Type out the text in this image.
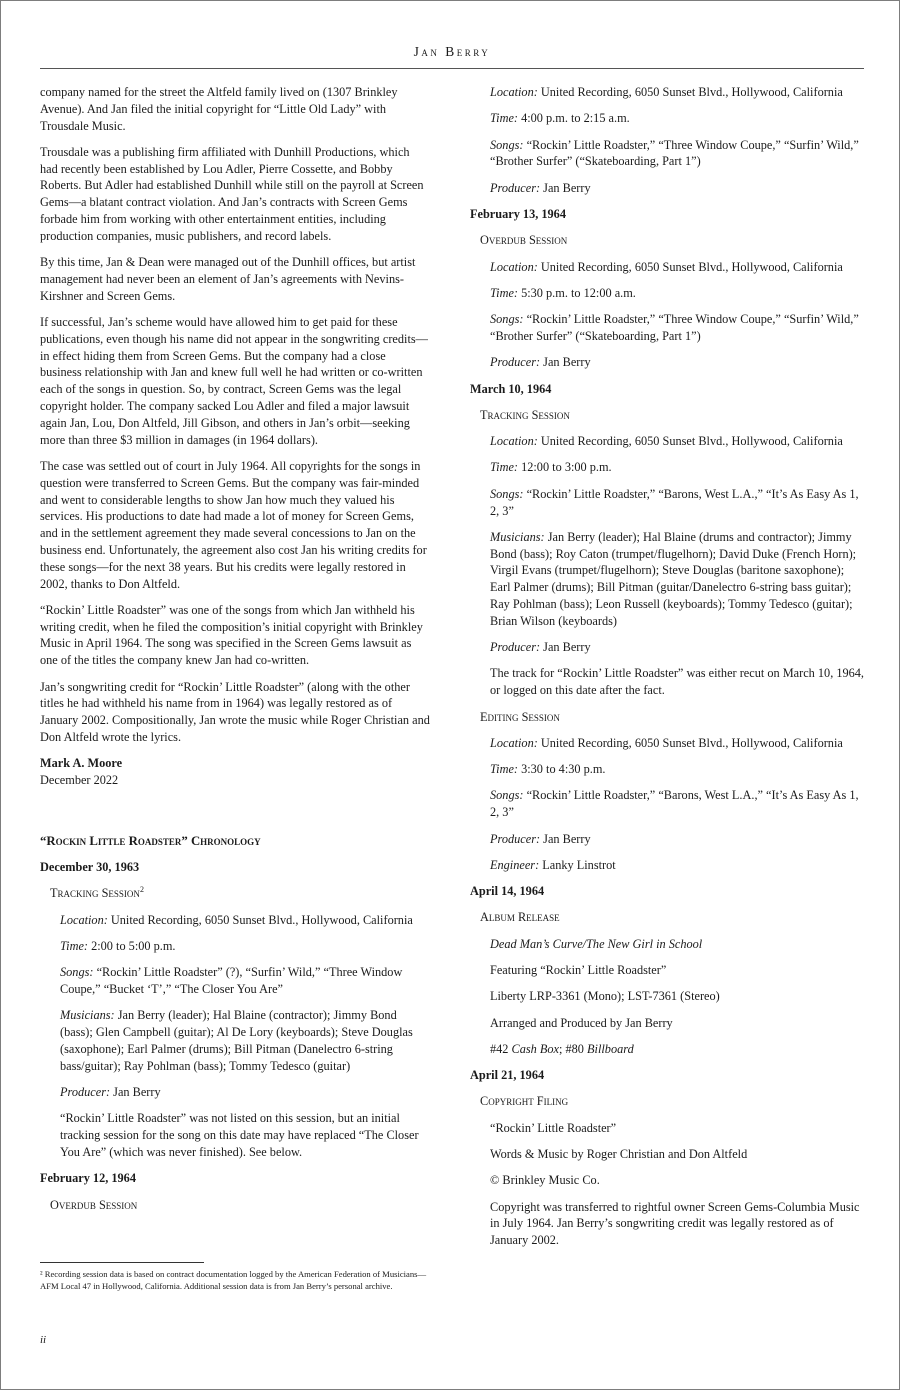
Jan Berry

company named for the street the Altfeld family lived on (1307 Brinkley Avenue). And Jan filed the initial copyright for “Little Old Lady” with Trousdale Music.

Trousdale was a publishing firm affiliated with Dunhill Productions, which had recently been established by Lou Adler, Pierre Cossette, and Bobby Roberts. But Adler had established Dunhill while still on the payroll at Screen Gems—a blatant contract violation. And Jan’s contracts with Screen Gems forbade him from working with other entertainment entities, including production companies, music publishers, and record labels.

By this time, Jan & Dean were managed out of the Dunhill offices, but artist management had never been an element of Jan’s agreements with Nevins-Kirshner and Screen Gems.

If successful, Jan’s scheme would have allowed him to get paid for these publications, even though his name did not appear in the songwriting credits—in effect hiding them from Screen Gems. But the company had a close business relationship with Jan and knew full well he had written or co-written each of the songs in question. So, by contract, Screen Gems was the legal copyright holder. The company sacked Lou Adler and filed a major lawsuit again Jan, Lou, Don Altfeld, Jill Gibson, and others in Jan’s orbit—seeking more than three $3 million in damages (in 1964 dollars).

The case was settled out of court in July 1964. All copyrights for the songs in question were transferred to Screen Gems. But the company was fair-minded and went to considerable lengths to show Jan how much they valued his services. His productions to date had made a lot of money for Screen Gems, and in the settlement agreement they made several concessions to Jan on the business end. Unfortunately, the agreement also cost Jan his writing credits for these songs—for the next 38 years. But his credits were legally restored in 2002, thanks to Don Altfeld.

“Rockin’ Little Roadster” was one of the songs from which Jan withheld his writing credit, when he filed the composition’s initial copyright with Brinkley Music in April 1964. The song was specified in the Screen Gems lawsuit as one of the titles the company knew Jan had co-written.

Jan’s songwriting credit for “Rockin’ Little Roadster” (along with the other titles he had withheld his name from in 1964) was legally restored as of January 2002. Compositionally, Jan wrote the music while Roger Christian and Don Altfeld wrote the lyrics.

Mark A. Moore

December 2022

“Rockin Little Roadster” Chronology

December 30, 1963

Tracking Session$^2$

Location: United Recording, 6050 Sunset Blvd., Hollywood, California

Time: 2:00 to 5:00 p.m.

Songs: “Rockin’ Little Roadster” (?), “Surfin’ Wild,” “Three Window Coupe,” “Bucket ‘T’,” “The Closer You Are”

Musicians: Jan Berry (leader); Hal Blaine (contractor); Jimmy Bond (bass); Glen Campbell (guitar); Al De Lory (keyboards); Steve Douglas (saxophone); Earl Palmer (drums); Bill Pitman (Danelectro 6-string bass/guitar); Ray Pohlman (bass); Tommy Tedesco (guitar)

Producer: Jan Berry

“Rockin’ Little Roadster” was not listed on this session, but an initial tracking session for the song on this date may have replaced “The Closer You Are” (which was never finished). See below.

February 12, 1964

Overdub Session

² Recording session data is based on contract documentation logged by the American Federation of Musicians—AFM Local 47 in Hollywood, California. Additional session data is from Jan Berry’s personal archive.
ii

Location: United Recording, 6050 Sunset Blvd., Hollywood, California

Time: 4:00 p.m. to 2:15 a.m.

Songs: “Rockin’ Little Roadster,” “Three Window Coupe,” “Surfin’ Wild,” “Brother Surfer” (“Skateboarding, Part 1”)

Producer: Jan Berry

February 13, 1964

Overdub Session

Location: United Recording, 6050 Sunset Blvd., Hollywood, California

Time: 5:30 p.m. to 12:00 a.m.

Songs: “Rockin’ Little Roadster,” “Three Window Coupe,” “Surfin’ Wild,” “Brother Surfer” (“Skateboarding, Part 1”)

Producer: Jan Berry

March 10, 1964

Tracking Session

Location: United Recording, 6050 Sunset Blvd., Hollywood, California

Time: 12:00 to 3:00 p.m.

Songs: “Rockin’ Little Roadster,” “Barons, West L.A.,” “It’s As Easy As 1, 2, 3”

Musicians: Jan Berry (leader); Hal Blaine (drums and contractor); Jimmy Bond (bass); Roy Caton (trumpet/flugelhorn); David Duke (French Horn); Virgil Evans (trumpet/flugelhorn); Steve Douglas (baritone saxophone); Earl Palmer (drums); Bill Pitman (guitar/Danelectro 6-string bass guitar); Ray Pohlman (bass); Leon Russell (keyboards); Tommy Tedesco (guitar); Brian Wilson (keyboards)

Producer: Jan Berry

The track for “Rockin’ Little Roadster” was either recut on March 10, 1964, or logged on this date after the fact.

Editing Session

Location: United Recording, 6050 Sunset Blvd., Hollywood, California

Time: 3:30 to 4:30 p.m.

Songs: “Rockin’ Little Roadster,” “Barons, West L.A.,” “It’s As Easy As 1, 2, 3”

Producer: Jan Berry

Engineer: Lanky Linstrot

April 14, 1964

Album Release

Dead Man’s Curve/The New Girl in School

Featuring “Rockin’ Little Roadster”

Liberty LRP-3361 (Mono); LST-7361 (Stereo)

Arranged and Produced by Jan Berry

#42 Cash Box; #80 Billboard

April 21, 1964

Copyright Filing

“Rockin’ Little Roadster”

Words & Music by Roger Christian and Don Altfeld

© Brinkley Music Co.

Copyright was transferred to rightful owner Screen Gems-Columbia Music in July 1964. Jan Berry’s songwriting credit was legally restored as of January 2002.
